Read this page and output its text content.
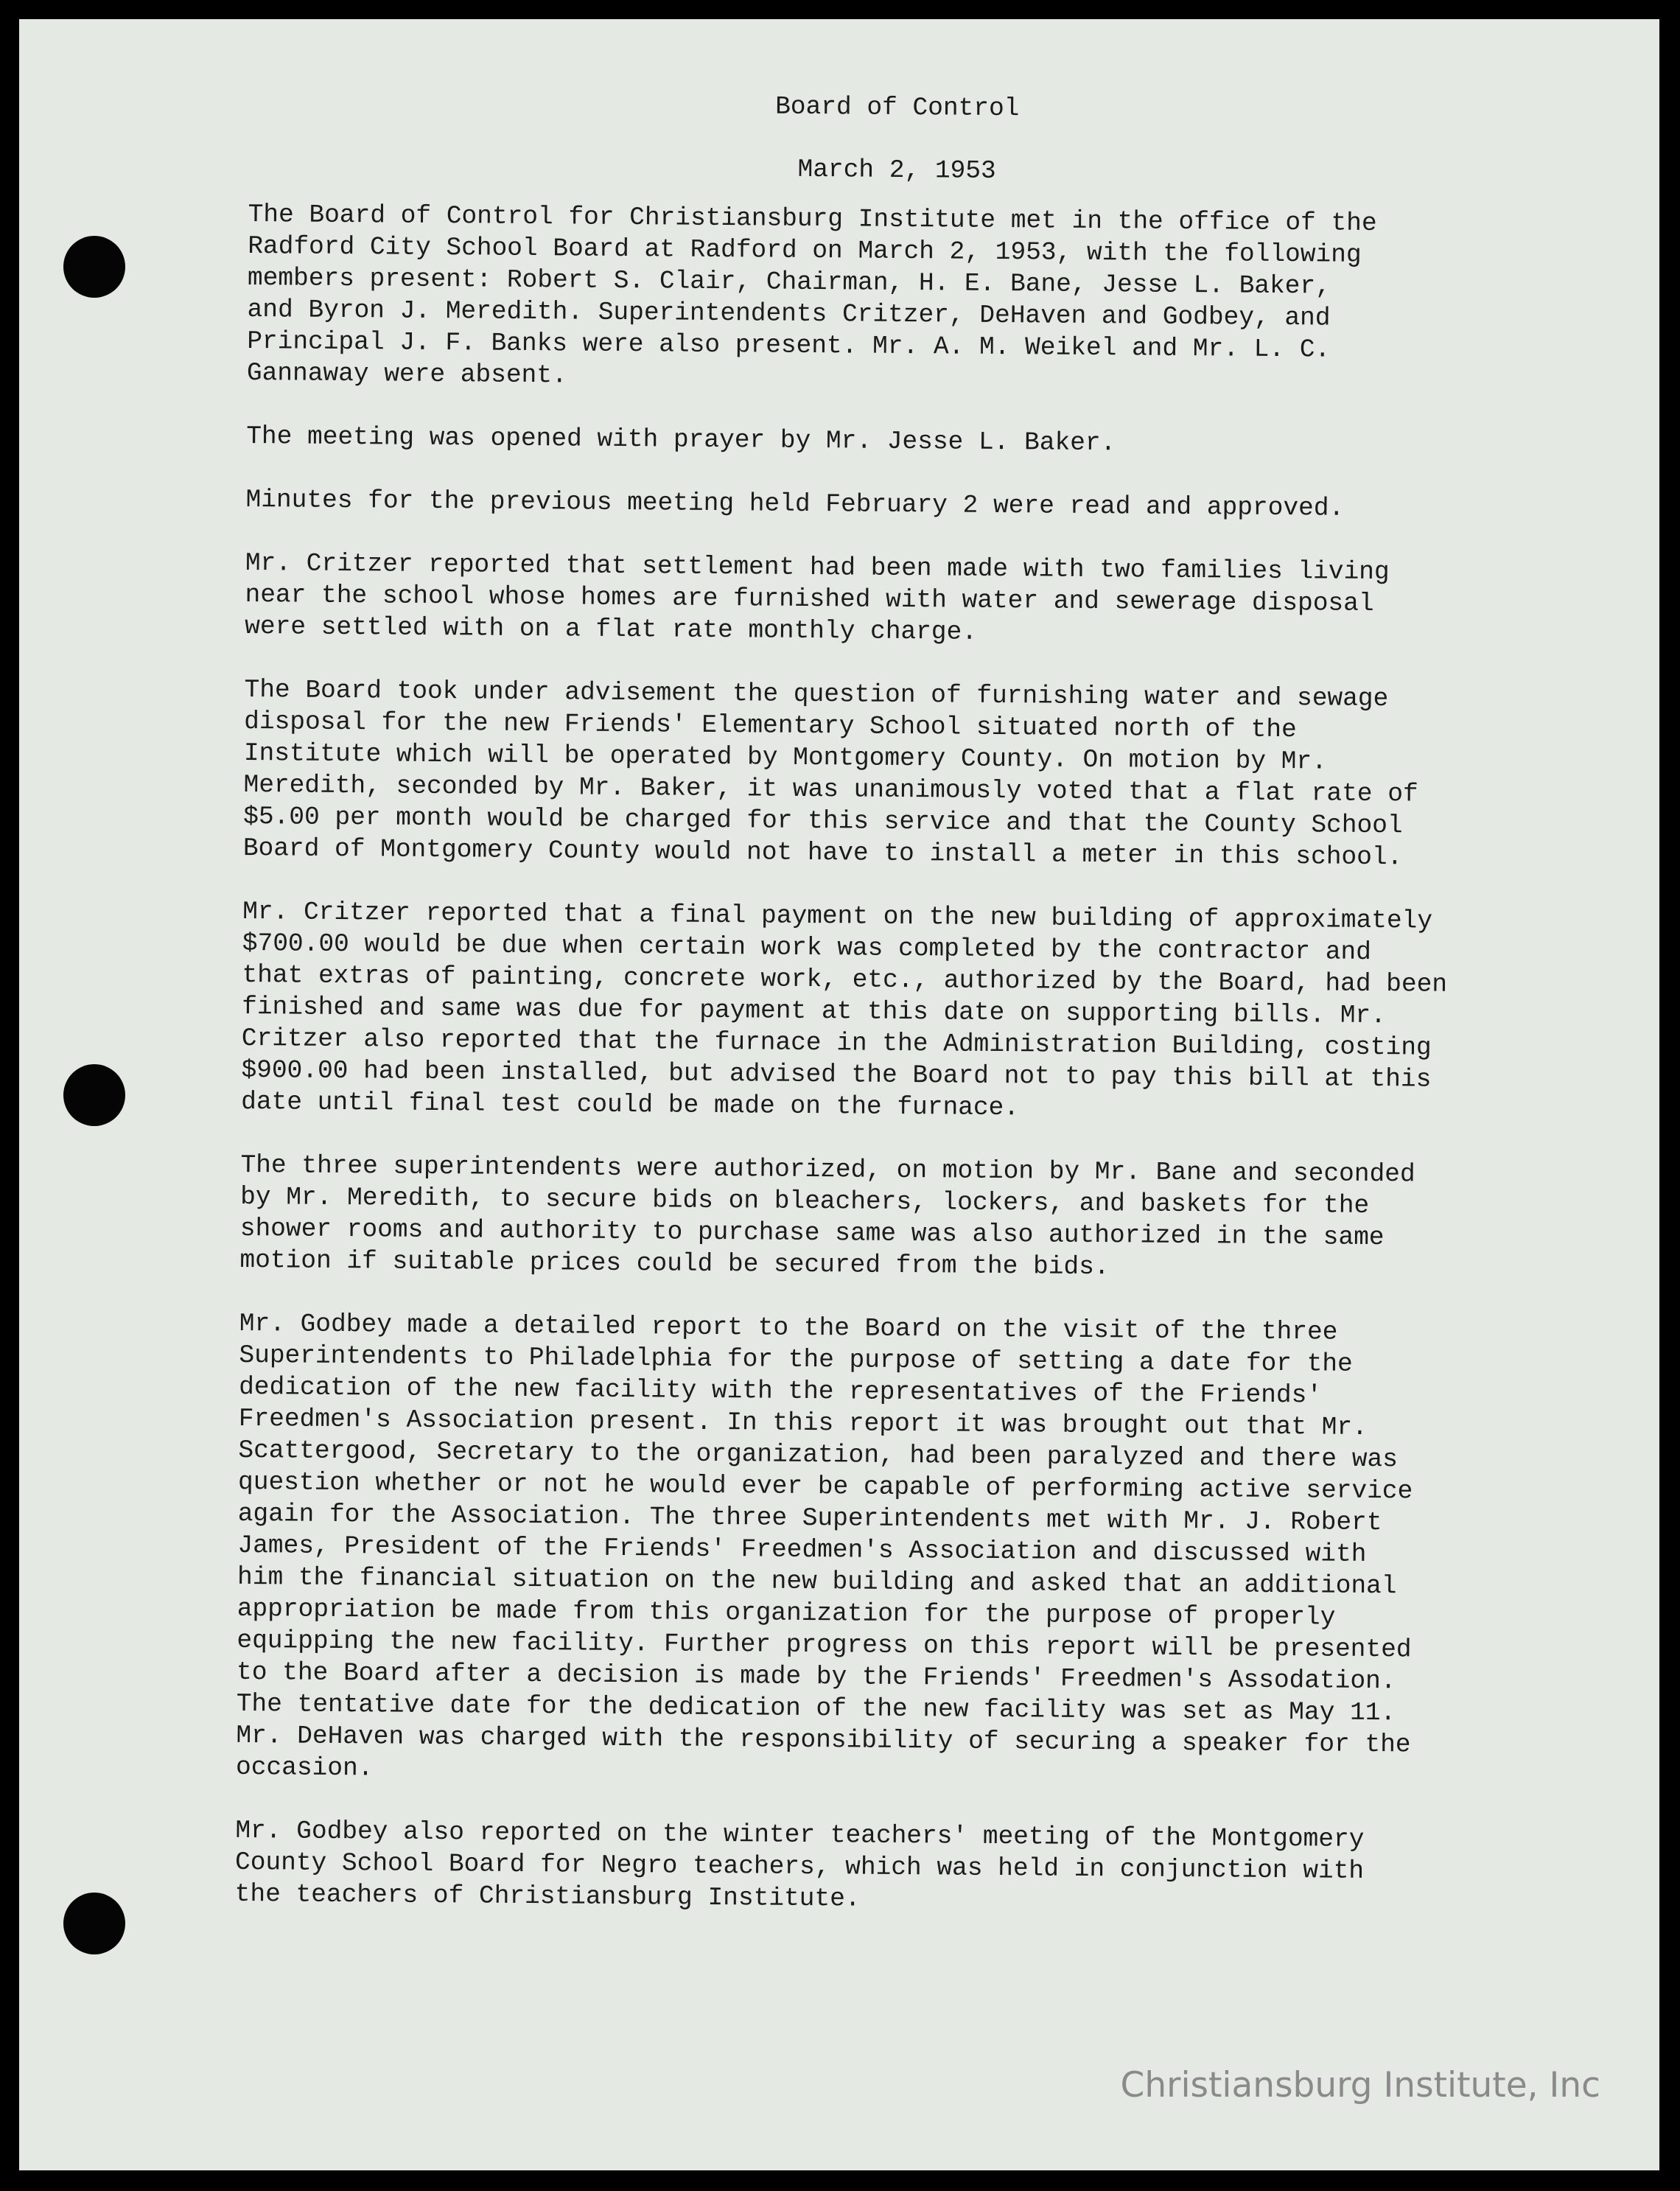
Board of Control

March 2, 1953

The Board of Control for Christiansburg Institute met in the office of the
Radford City School Board at Radford on March 2, 1953, with the following
members present: Robert S. Clair, Chairman, H. E. Bane, Jesse L. Baker,
and Byron J. Meredith. Superintendents Critzer, DeHaven and Godbey, and
Principal J. F. Banks were also present. Mr. A. M. Weikel and Mr. L. C.
Gannaway were absent.

The meeting was opened with prayer by Mr. Jesse L. Baker.

Minutes for the previous meeting held February 2 were read and approved.

Mr. Critzer reported that settlement had been made with two families living
near the school whose homes are furnished with water and sewerage disposal
were settled with on a flat rate monthly charge.

The Board took under advisement the question of furnishing water and sewage
disposal for the new Friends' Elementary School situated north of the
Institute which will be operated by Montgomery County. On motion by Mr.
Meredith, seconded by Mr. Baker, it was unanimously voted that a flat rate of
$5.00 per month would be charged for this service and that the County School
Board of Montgomery County would not have to install a meter in this school.

Mr. Critzer reported that a final payment on the new building of approximately
$700.00 would be due when certain work was completed by the contractor and
that extras of painting, concrete work, etc., authorized by the Board, had been
finished and same was due for payment at this date on supporting bills. Mr.
Critzer also reported that the furnace in the Administration Building, costing
$900.00 had been installed, but advised the Board not to pay this bill at this
date until final test could be made on the furnace.

The three superintendents were authorized, on motion by Mr. Bane and seconded
by Mr. Meredith, to secure bids on bleachers, lockers, and baskets for the
shower rooms and authority to purchase same was also authorized in the same
motion if suitable prices could be secured from the bids.

Mr. Godbey made a detailed report to the Board on the visit of the three
Superintendents to Philadelphia for the purpose of setting a date for the
dedication of the new facility with the representatives of the Friends'
Freedmen's Association present. In this report it was brought out that Mr.
Scattergood, Secretary to the organization, had been paralyzed and there was
question whether or not he would ever be capable of performing active service
again for the Association. The three Superintendents met with Mr. J. Robert
James, President of the Friends' Freedmen's Association and discussed with
him the financial situation on the new building and asked that an additional
appropriation be made from this organization for the purpose of properly
equipping the new facility. Further progress on this report will be presented
to the Board after a decision is made by the Friends' Freedmen's Assodation.
The tentative date for the dedication of the new facility was set as May 11.
Mr. DeHaven was charged with the responsibility of securing a speaker for the
occasion.

Mr. Godbey also reported on the winter teachers' meeting of the Montgomery
County School Board for Negro teachers, which was held in conjunction with
the teachers of Christiansburg Institute.

Christiansburg Institute, Inc
